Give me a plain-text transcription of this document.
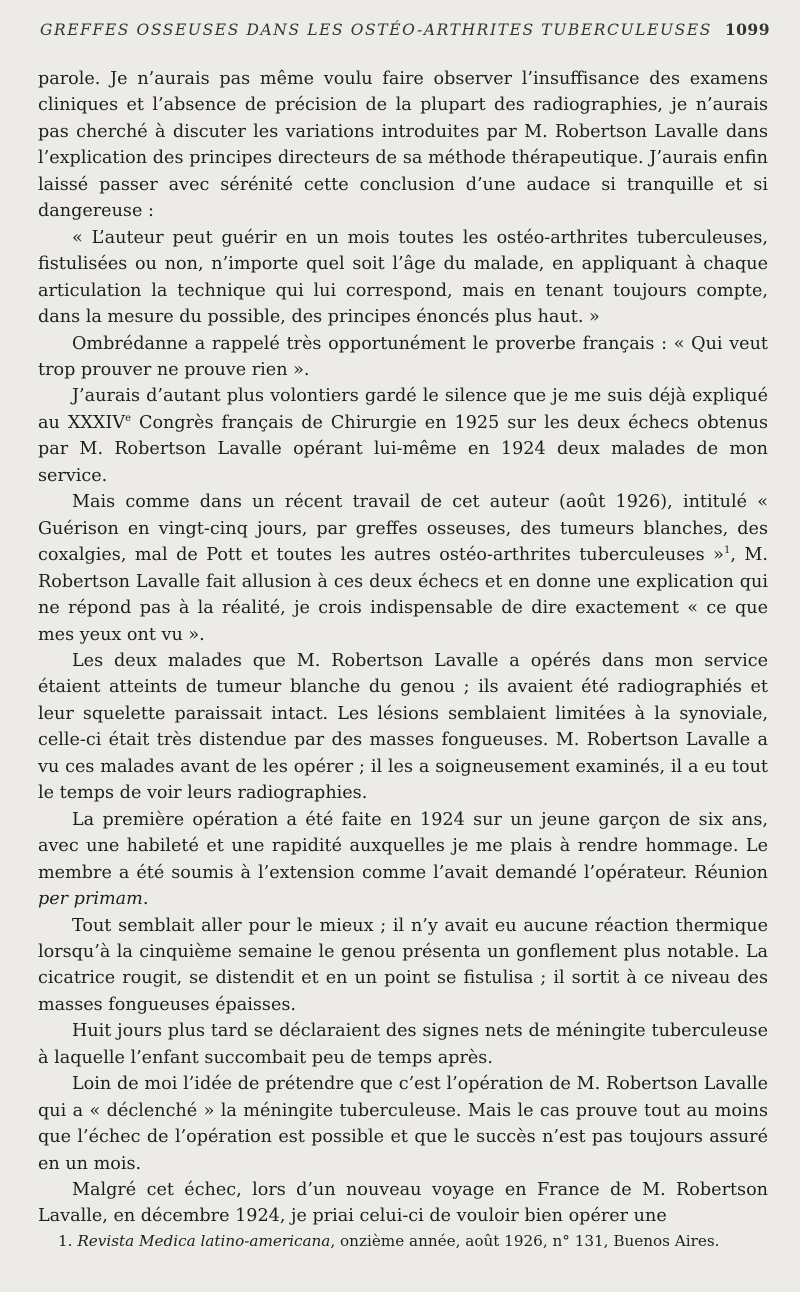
GREFFES OSSEUSES DANS LES OSTÉO-ARTHRITES TUBERCULEUSES 1099

parole. Je n’aurais pas même voulu faire observer l’insuffisance des examens cliniques et l’absence de précision de la plupart des radiographies, je n’aurais pas cherché à discuter les variations introduites par M. Robertson Lavalle dans l’explication des principes directeurs de sa méthode thérapeutique. J’aurais enfin laissé passer avec sérénité cette conclusion d’une audace si tranquille et si dangereuse :

« L’auteur peut guérir en un mois toutes les ostéo-arthrites tuberculeuses, fistulisées ou non, n’importe quel soit l’âge du malade, en appliquant à chaque articulation la technique qui lui correspond, mais en tenant toujours compte, dans la mesure du possible, des principes énoncés plus haut. »

Ombrédanne a rappelé très opportunément le proverbe français : « Qui veut trop prouver ne prouve rien ».

J’aurais d’autant plus volontiers gardé le silence que je me suis déjà expliqué au XXXIVe Congrès français de Chirurgie en 1925 sur les deux échecs obtenus par M. Robertson Lavalle opérant lui-même en 1924 deux malades de mon service.

Mais comme dans un récent travail de cet auteur (août 1926), intitulé « Guérison en vingt-cinq jours, par greffes osseuses, des tumeurs blanches, des coxalgies, mal de Pott et toutes les autres ostéo-arthrites tuberculeuses »$^1$, M. Robertson Lavalle fait allusion à ces deux échecs et en donne une explication qui ne répond pas à la réalité, je crois indispensable de dire exactement « ce que mes yeux ont vu ».

Les deux malades que M. Robertson Lavalle a opérés dans mon service étaient atteints de tumeur blanche du genou ; ils avaient été radiographiés et leur squelette paraissait intact. Les lésions semblaient limitées à la synoviale, celle-ci était très distendue par des masses fongueuses. M. Robertson Lavalle a vu ces malades avant de les opérer ; il les a soigneusement examinés, il a eu tout le temps de voir leurs radiographies.

La première opération a été faite en 1924 sur un jeune garçon de six ans, avec une habileté et une rapidité auxquelles je me plais à rendre hommage. Le membre a été soumis à l’extension comme l’avait demandé l’opérateur. Réunion per primam.

Tout semblait aller pour le mieux ; il n’y avait eu aucune réaction thermique lorsqu’à la cinquième semaine le genou présenta un gonflement plus notable. La cicatrice rougit, se distendit et en un point se fistulisa ; il sortit à ce niveau des masses fongueuses épaisses.

Huit jours plus tard se déclaraient des signes nets de méningite tuberculeuse à laquelle l’enfant succombait peu de temps après.

Loin de moi l’idée de prétendre que c’est l’opération de M. Robertson Lavalle qui a « déclenché » la méningite tuberculeuse. Mais le cas prouve tout au moins que l’échec de l’opération est possible et que le succès n’est pas toujours assuré en un mois.

Malgré cet échec, lors d’un nouveau voyage en France de M. Robertson Lavalle, en décembre 1924, je priai celui-ci de vouloir bien opérer une

1. Revista Medica latino-americana, onzième année, août 1926, n° 131, Buenos Aires.
